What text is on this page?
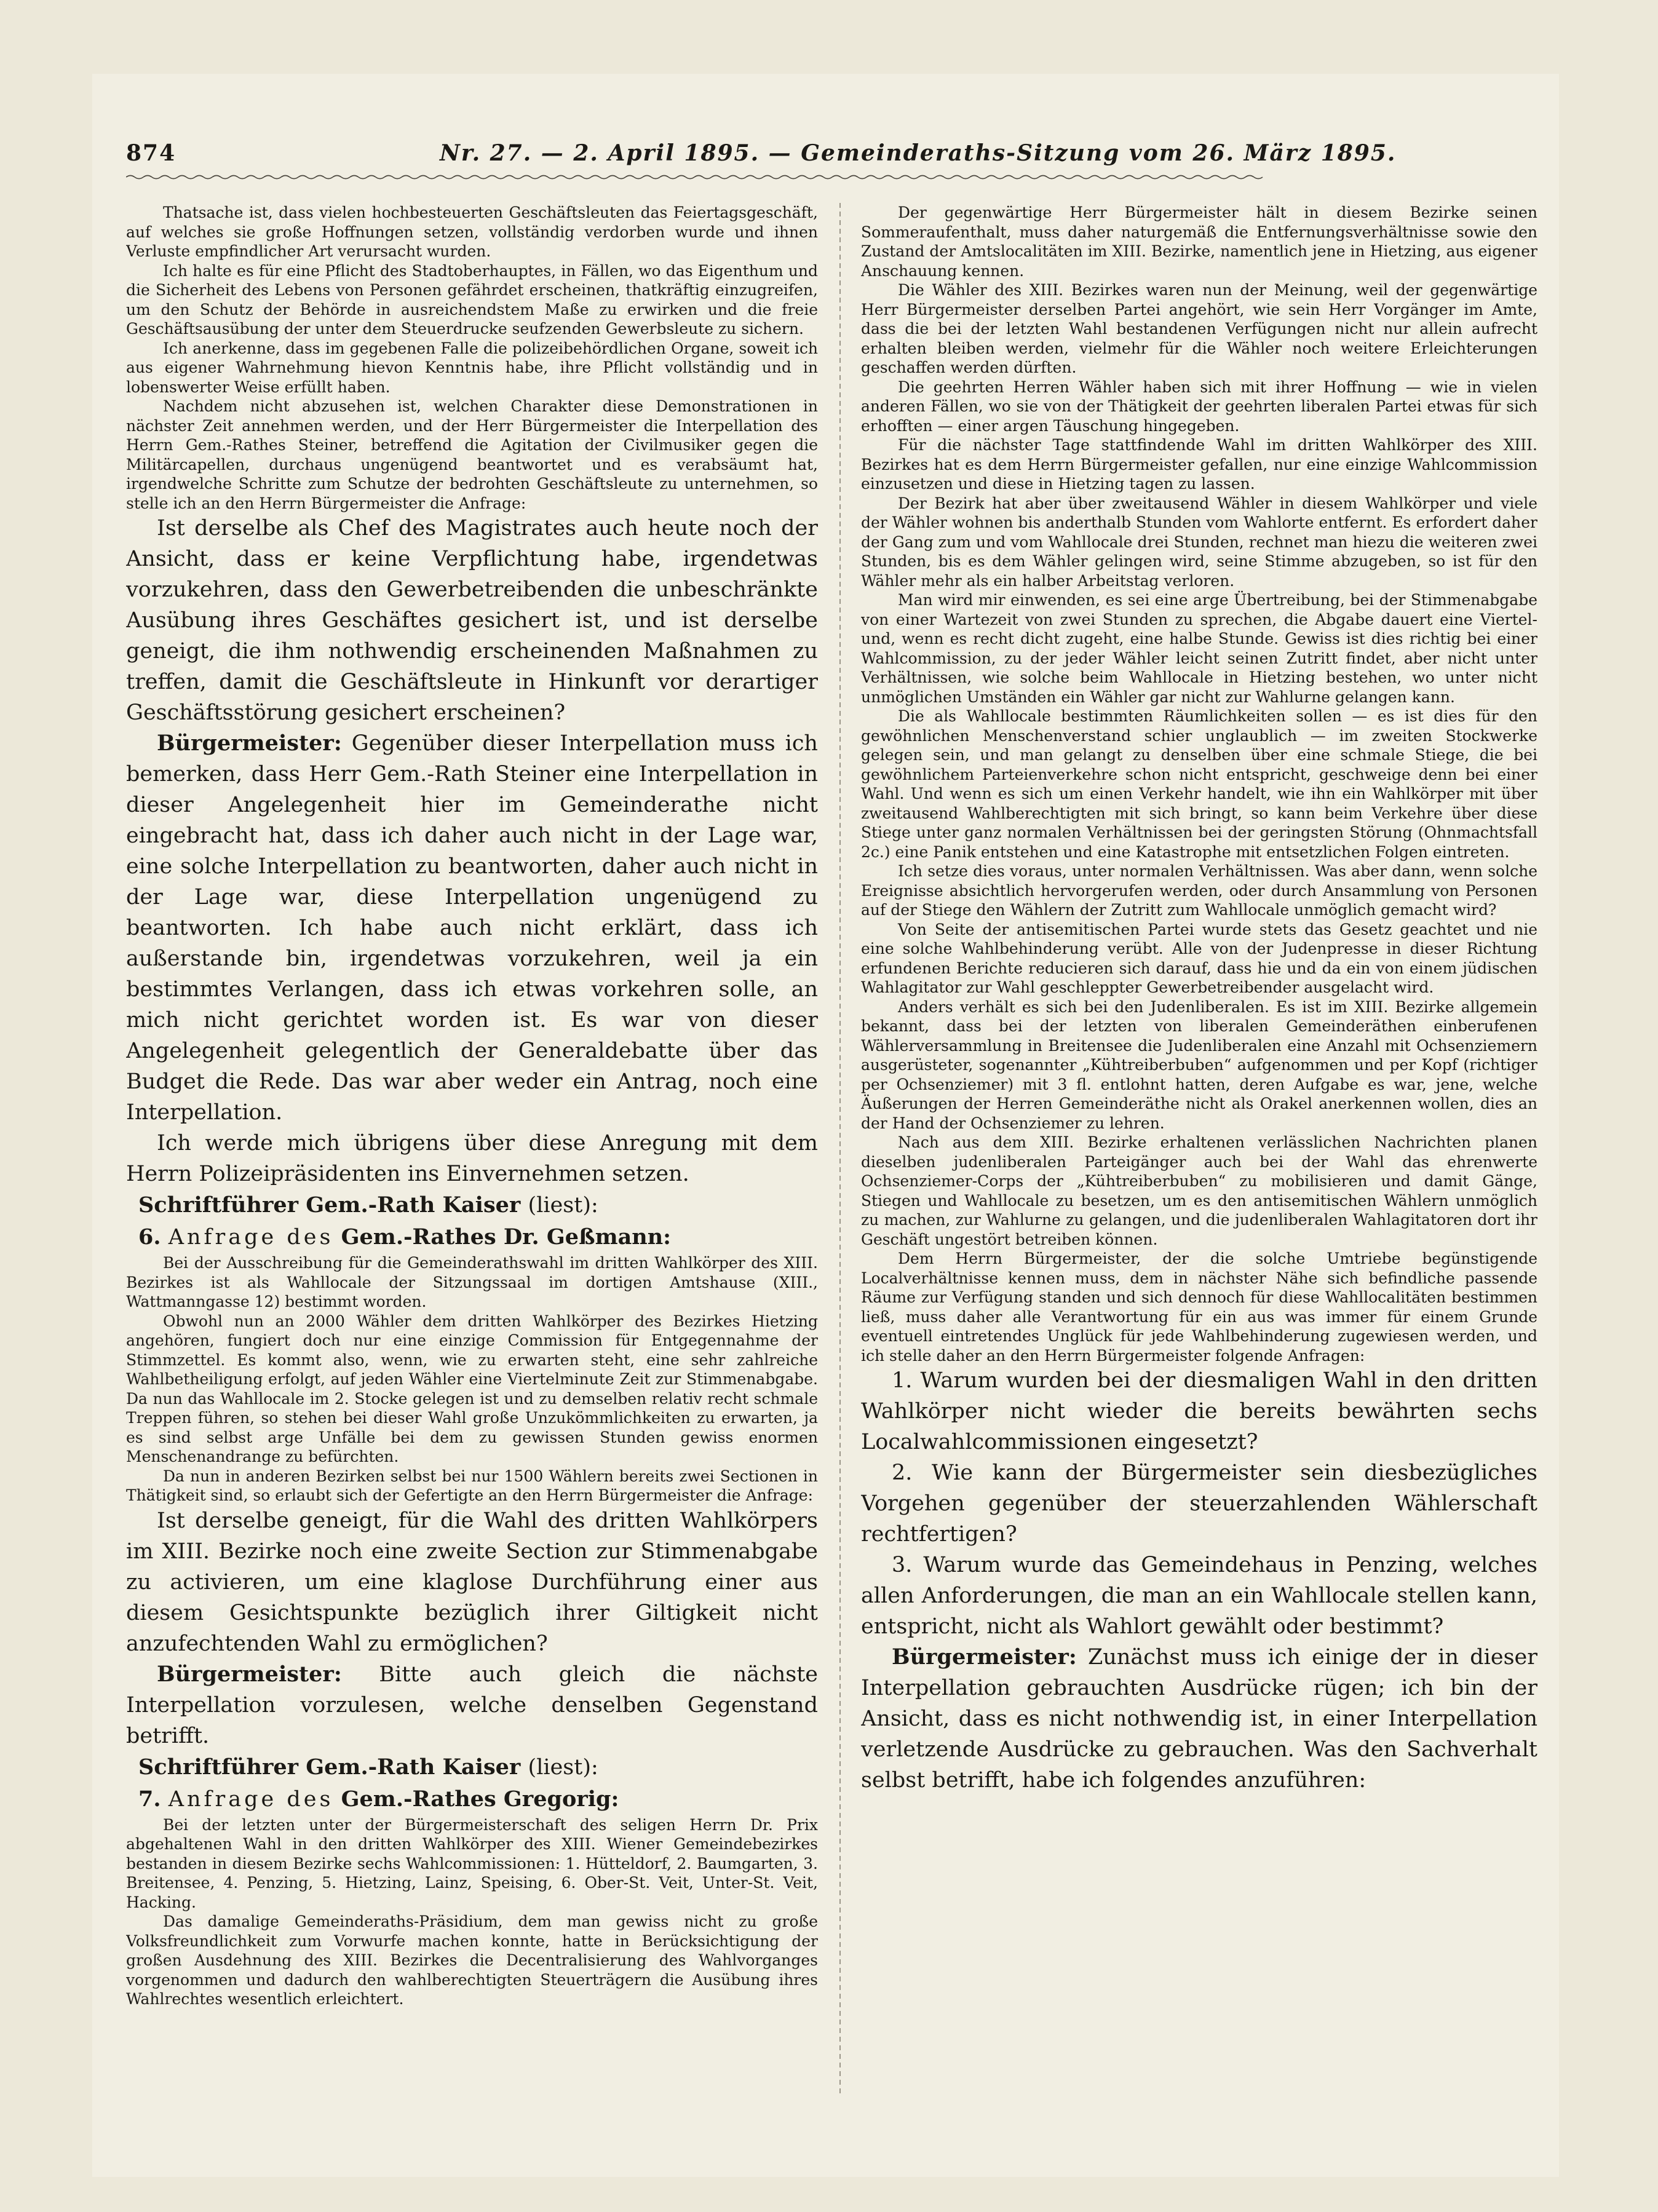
874	Nr. 27. — 2. April 1895. — Gemeinderaths-Sitzung vom 26. März 1895.

Thatsache ist, dass vielen hochbesteuerten Geschäftsleuten das Feiertagsgeschäft, auf welches sie große Hoffnungen setzen, vollständig verdorben wurde und ihnen Verluste empfindlicher Art verursacht wurden.

Ich halte es für eine Pflicht des Stadtoberhauptes, in Fällen, wo das Eigenthum und die Sicherheit des Lebens von Personen gefährdet erscheinen, thatkräftig einzugreifen, um den Schutz der Behörde in ausreichendstem Maße zu erwirken und die freie Geschäftsausübung der unter dem Steuerdrucke seufzenden Gewerbsleute zu sichern.

Ich anerkenne, dass im gegebenen Falle die polizeibehördlichen Organe, soweit ich aus eigener Wahrnehmung hievon Kenntnis habe, ihre Pflicht vollständig und in lobenswerter Weise erfüllt haben.

Nachdem nicht abzusehen ist, welchen Charakter diese Demonstrationen in nächster Zeit annehmen werden, und der Herr Bürgermeister die Interpellation des Herrn Gem.-Rathes Steiner, betreffend die Agitation der Civilmusiker gegen die Militärcapellen, durchaus ungenügend beantwortet und es verabsäumt hat, irgendwelche Schritte zum Schutze der bedrohten Geschäftsleute zu unternehmen, so stelle ich an den Herrn Bürgermeister die Anfrage:

Ist derselbe als Chef des Magistrates auch heute noch der Ansicht, dass er keine Verpflichtung habe, irgendetwas vorzukehren, dass den Gewerbetreibenden die unbeschränkte Ausübung ihres Geschäftes gesichert ist, und ist derselbe geneigt, die ihm nothwendig erscheinenden Maßnahmen zu treffen, damit die Geschäftsleute in Hinkunft vor derartiger Geschäftsstörung gesichert erscheinen?

Bürgermeister: Gegenüber dieser Interpellation muss ich bemerken, dass Herr Gem.-Rath Steiner eine Interpellation in dieser Angelegenheit hier im Gemeinderathe nicht eingebracht hat, dass ich daher auch nicht in der Lage war, eine solche Interpellation zu beantworten, daher auch nicht in der Lage war, diese Interpellation ungenügend zu beantworten. Ich habe auch nicht erklärt, dass ich außerstande bin, irgendetwas vorzukehren, weil ja ein bestimmtes Verlangen, dass ich etwas vorkehren solle, an mich nicht gerichtet worden ist. Es war von dieser Angelegenheit gelegentlich der Generaldebatte über das Budget die Rede. Das war aber weder ein Antrag, noch eine Interpellation.

Ich werde mich übrigens über diese Anregung mit dem Herrn Polizeipräsidenten ins Einvernehmen setzen.

Schriftführer Gem.-Rath Kaiser (liest):

6. Anfrage des Gem.-Rathes Dr. Geßmann:

Bei der Ausschreibung für die Gemeinderathswahl im dritten Wahlkörper des XIII. Bezirkes ist als Wahllocale der Sitzungssaal im dortigen Amtshause (XIII., Wattmanngasse 12) bestimmt worden.

Obwohl nun an 2000 Wähler dem dritten Wahlkörper des Bezirkes Hietzing angehören, fungiert doch nur eine einzige Commission für Entgegennahme der Stimmzettel. Es kommt also, wenn, wie zu erwarten steht, eine sehr zahlreiche Wahlbetheiligung erfolgt, auf jeden Wähler eine Viertelminute Zeit zur Stimmenabgabe. Da nun das Wahllocale im 2. Stocke gelegen ist und zu demselben relativ recht schmale Treppen führen, so stehen bei dieser Wahl große Unzukömmlichkeiten zu erwarten, ja es sind selbst arge Unfälle bei dem zu gewissen Stunden gewiss enormen Menschenandrange zu befürchten.

Da nun in anderen Bezirken selbst bei nur 1500 Wählern bereits zwei Sectionen in Thätigkeit sind, so erlaubt sich der Gefertigte an den Herrn Bürgermeister die Anfrage:

Ist derselbe geneigt, für die Wahl des dritten Wahlkörpers im XIII. Bezirke noch eine zweite Section zur Stimmenabgabe zu activieren, um eine klaglose Durchführung einer aus diesem Gesichtspunkte bezüglich ihrer Giltigkeit nicht anzufechtenden Wahl zu ermöglichen?

Bürgermeister: Bitte auch gleich die nächste Interpellation vorzulesen, welche denselben Gegenstand betrifft.

Schriftführer Gem.-Rath Kaiser (liest):

7. Anfrage des Gem.-Rathes Gregorig:

Bei der letzten unter der Bürgermeisterschaft des seligen Herrn Dr. Prix abgehaltenen Wahl in den dritten Wahlkörper des XIII. Wiener Gemeindebezirkes bestanden in diesem Bezirke sechs Wahlcommissionen: 1. Hütteldorf, 2. Baumgarten, 3. Breitensee, 4. Penzing, 5. Hietzing, Lainz, Speising, 6. Ober-St. Veit, Unter-St. Veit, Hacking.

Das damalige Gemeinderaths-Präsidium, dem man gewiss nicht zu große Volksfreundlichkeit zum Vorwurfe machen konnte, hatte in Berücksichtigung der großen Ausdehnung des XIII. Bezirkes die Decentralisierung des Wahlvorganges vorgenommen und dadurch den wahlberechtigten Steuerträgern die Ausübung ihres Wahlrechtes wesentlich erleichtert.

Der gegenwärtige Herr Bürgermeister hält in diesem Bezirke seinen Sommeraufenthalt, muss daher naturgemäß die Entfernungsverhältnisse sowie den Zustand der Amtslocalitäten im XIII. Bezirke, namentlich jene in Hietzing, aus eigener Anschauung kennen.

Die Wähler des XIII. Bezirkes waren nun der Meinung, weil der gegenwärtige Herr Bürgermeister derselben Partei angehört, wie sein Herr Vorgänger im Amte, dass die bei der letzten Wahl bestandenen Verfügungen nicht nur allein aufrecht erhalten bleiben werden, vielmehr für die Wähler noch weitere Erleichterungen geschaffen werden dürften.

Die geehrten Herren Wähler haben sich mit ihrer Hoffnung — wie in vielen anderen Fällen, wo sie von der Thätigkeit der geehrten liberalen Partei etwas für sich erhofften — einer argen Täuschung hingegeben.

Für die nächster Tage stattfindende Wahl im dritten Wahlkörper des XIII. Bezirkes hat es dem Herrn Bürgermeister gefallen, nur eine einzige Wahlcommission einzusetzen und diese in Hietzing tagen zu lassen.

Der Bezirk hat aber über zweitausend Wähler in diesem Wahlkörper und viele der Wähler wohnen bis anderthalb Stunden vom Wahlorte entfernt. Es erfordert daher der Gang zum und vom Wahllocale drei Stunden, rechnet man hiezu die weiteren zwei Stunden, bis es dem Wähler gelingen wird, seine Stimme abzugeben, so ist für den Wähler mehr als ein halber Arbeitstag verloren.

Man wird mir einwenden, es sei eine arge Übertreibung, bei der Stimmenabgabe von einer Wartezeit von zwei Stunden zu sprechen, die Abgabe dauert eine Viertel- und, wenn es recht dicht zugeht, eine halbe Stunde. Gewiss ist dies richtig bei einer Wahlcommission, zu der jeder Wähler leicht seinen Zutritt findet, aber nicht unter Verhältnissen, wie solche beim Wahllocale in Hietzing bestehen, wo unter nicht unmöglichen Umständen ein Wähler gar nicht zur Wahlurne gelangen kann.

Die als Wahllocale bestimmten Räumlichkeiten sollen — es ist dies für den gewöhnlichen Menschenverstand schier unglaublich — im zweiten Stockwerke gelegen sein, und man gelangt zu denselben über eine schmale Stiege, die bei gewöhnlichem Parteienverkehre schon nicht entspricht, geschweige denn bei einer Wahl. Und wenn es sich um einen Verkehr handelt, wie ihn ein Wahlkörper mit über zweitausend Wahlberechtigten mit sich bringt, so kann beim Verkehre über diese Stiege unter ganz normalen Verhältnissen bei der geringsten Störung (Ohnmachtsfall 2c.) eine Panik entstehen und eine Katastrophe mit entsetzlichen Folgen eintreten.

Ich setze dies voraus, unter normalen Verhältnissen. Was aber dann, wenn solche Ereignisse absichtlich hervorgerufen werden, oder durch Ansammlung von Personen auf der Stiege den Wählern der Zutritt zum Wahllocale unmöglich gemacht wird?

Von Seite der antisemitischen Partei wurde stets das Gesetz geachtet und nie eine solche Wahlbehinderung verübt. Alle von der Judenpresse in dieser Richtung erfundenen Berichte reducieren sich darauf, dass hie und da ein von einem jüdischen Wahlagitator zur Wahl geschleppter Gewerbetreibender ausgelacht wird.

Anders verhält es sich bei den Judenliberalen. Es ist im XIII. Bezirke allgemein bekannt, dass bei der letzten von liberalen Gemeinderäthen einberufenen Wählerversammlung in Breitensee die Judenliberalen eine Anzahl mit Ochsenziemern ausgerüsteter, sogenannter „Kühtreiberbuben“ aufgenommen und per Kopf (richtiger per Ochsenziemer) mit 3 fl. entlohnt hatten, deren Aufgabe es war, jene, welche Äußerungen der Herren Gemeinderäthe nicht als Orakel anerkennen wollen, dies an der Hand der Ochsenziemer zu lehren.

Nach aus dem XIII. Bezirke erhaltenen verlässlichen Nachrichten planen dieselben judenliberalen Parteigänger auch bei der Wahl das ehrenwerte Ochsenziemer-Corps der „Kühtreiberbuben“ zu mobilisieren und damit Gänge, Stiegen und Wahllocale zu besetzen, um es den antisemitischen Wählern unmöglich zu machen, zur Wahlurne zu gelangen, und die judenliberalen Wahlagitatoren dort ihr Geschäft ungestört betreiben können.

Dem Herrn Bürgermeister, der die solche Umtriebe begünstigende Localverhältnisse kennen muss, dem in nächster Nähe sich befindliche passende Räume zur Verfügung standen und sich dennoch für diese Wahllocalitäten bestimmen ließ, muss daher alle Verantwortung für ein aus was immer für einem Grunde eventuell eintretendes Unglück für jede Wahlbehinderung zugewiesen werden, und ich stelle daher an den Herrn Bürgermeister folgende Anfragen:

1. Warum wurden bei der diesmaligen Wahl in den dritten Wahlkörper nicht wieder die bereits bewährten sechs Localwahlcommissionen eingesetzt?

2. Wie kann der Bürgermeister sein diesbezügliches Vorgehen gegenüber der steuerzahlenden Wählerschaft rechtfertigen?

3. Warum wurde das Gemeindehaus in Penzing, welches allen Anforderungen, die man an ein Wahllocale stellen kann, entspricht, nicht als Wahlort gewählt oder bestimmt?

Bürgermeister: Zunächst muss ich einige der in dieser Interpellation gebrauchten Ausdrücke rügen; ich bin der Ansicht, dass es nicht nothwendig ist, in einer Interpellation verletzende Ausdrücke zu gebrauchen. Was den Sachverhalt selbst betrifft, habe ich folgendes anzuführen:
